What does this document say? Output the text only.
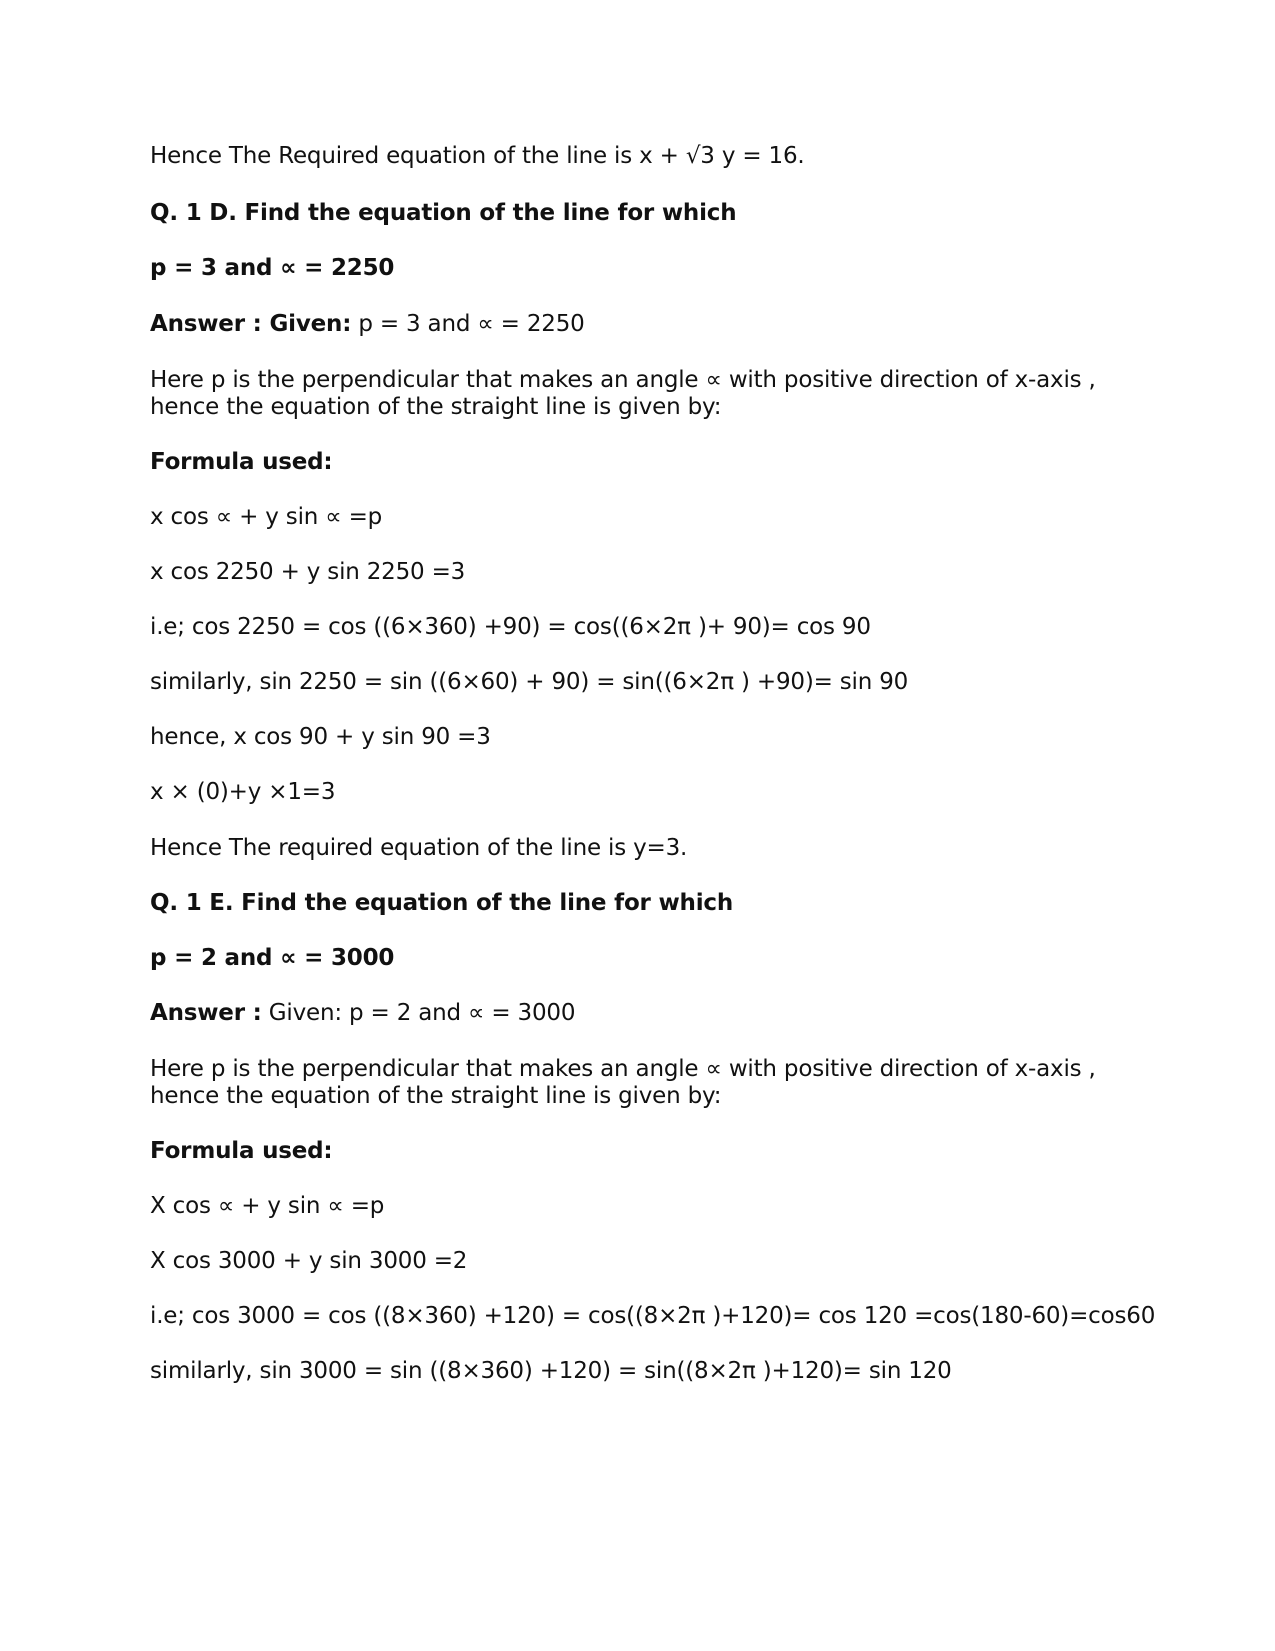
Hence The Required equation of the line is x + √3 y = 16.
Q. 1 D. Find the equation of the line for which
p = 3 and ∝ = 2250
Answer : Given: p = 3 and ∝ = 2250
Here p is the perpendicular that makes an angle ∝ with positive direction of x-axis ,
hence the equation of the straight line is given by:
Formula used:
x cos ∝ + y sin ∝ =p
x cos 2250 + y sin 2250 =3
i.e; cos 2250 = cos ((6×360) +90) = cos((6×2π )+ 90)= cos 90
similarly, sin 2250 = sin ((6×60) + 90) = sin((6×2π ) +90)= sin 90
hence, x cos 90 + y sin 90 =3
x × (0)+y ×1=3
Hence The required equation of the line is y=3.
Q. 1 E. Find the equation of the line for which
p = 2 and ∝ = 3000
Answer : Given: p = 2 and ∝ = 3000
Here p is the perpendicular that makes an angle ∝ with positive direction of x-axis ,
hence the equation of the straight line is given by:
Formula used:
X cos ∝ + y sin ∝ =p
X cos 3000 + y sin 3000 =2
i.e; cos 3000 = cos ((8×360) +120) = cos((8×2π )+120)= cos 120 =cos(180-60)=cos60
similarly, sin 3000 = sin ((8×360) +120) = sin((8×2π )+120)= sin 120
